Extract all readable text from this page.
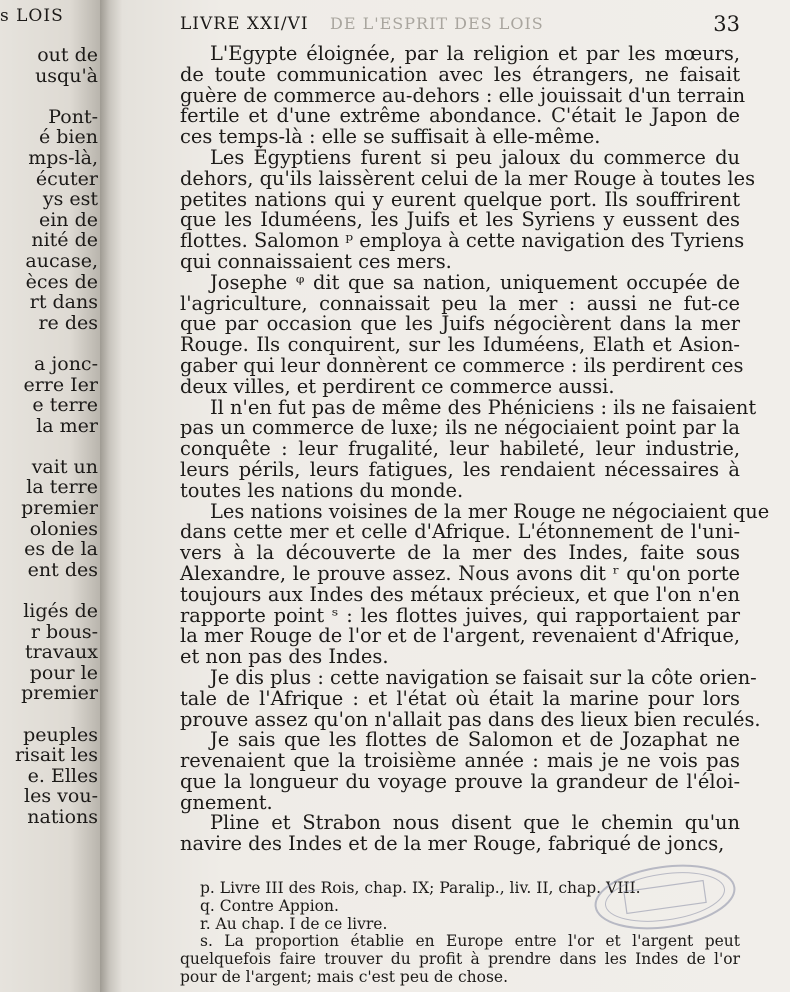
s LOIS
out de
usqu'à
Pont-
é bien
mps-là,
écuter
ys est
ein de
nité de
aucase,
èces de
rt dans
re des
a jonc-
erre Ier
e terre
la mer
vait un
la terre
premier
olonies
es de la
ent des
ligés de
r bous-
travaux
pour le
premier
peuples
risait les
e. Elles
les vou-
nations
LIVRE XXI/VI DE L'ESPRIT DES LOIS	33
L'Egypte éloignée, par la religion et par les mœurs,
de toute communication avec les étrangers, ne faisait
guère de commerce au-dehors : elle jouissait d'un terrain
fertile et d'une extrême abondance. C'était le Japon de
ces temps-là : elle se suffisait à elle-même.
Les Égyptiens furent si peu jaloux du commerce du
dehors, qu'ils laissèrent celui de la mer Rouge à toutes les
petites nations qui y eurent quelque port. Ils souffrirent
que les Iduméens, les Juifs et les Syriens y eussent des
flottes. Salomon ᵖ employa à cette navigation des Tyriens
qui connaissaient ces mers.
Josephe ᵠ dit que sa nation, uniquement occupée de
l'agriculture, connaissait peu la mer : aussi ne fut-ce
que par occasion que les Juifs négocièrent dans la mer
Rouge. Ils conquirent, sur les Iduméens, Elath et Asion-
gaber qui leur donnèrent ce commerce : ils perdirent ces
deux villes, et perdirent ce commerce aussi.
Il n'en fut pas de même des Phéniciens : ils ne faisaient
pas un commerce de luxe; ils ne négociaient point par la
conquête : leur frugalité, leur habileté, leur industrie,
leurs périls, leurs fatigues, les rendaient nécessaires à
toutes les nations du monde.
Les nations voisines de la mer Rouge ne négociaient que
dans cette mer et celle d'Afrique. L'étonnement de l'uni-
vers à la découverte de la mer des Indes, faite sous
Alexandre, le prouve assez. Nous avons dit ʳ qu'on porte
toujours aux Indes des métaux précieux, et que l'on n'en
rapporte point ˢ : les flottes juives, qui rapportaient par
la mer Rouge de l'or et de l'argent, revenaient d'Afrique,
et non pas des Indes.
Je dis plus : cette navigation se faisait sur la côte orien-
tale de l'Afrique : et l'état où était la marine pour lors
prouve assez qu'on n'allait pas dans des lieux bien reculés.
Je sais que les flottes de Salomon et de Jozaphat ne
revenaient que la troisième année : mais je ne vois pas
que la longueur du voyage prouve la grandeur de l'éloi-
gnement.
Pline et Strabon nous disent que le chemin qu'un
navire des Indes et de la mer Rouge, fabriqué de joncs,
p. Livre III des Rois, chap. IX; Paralip., liv. II, chap. VIII.
q. Contre Appion.
r. Au chap. I de ce livre.
s. La proportion établie en Europe entre l'or et l'argent peut
quelquefois faire trouver du profit à prendre dans les Indes de l'or
pour de l'argent; mais c'est peu de chose.
